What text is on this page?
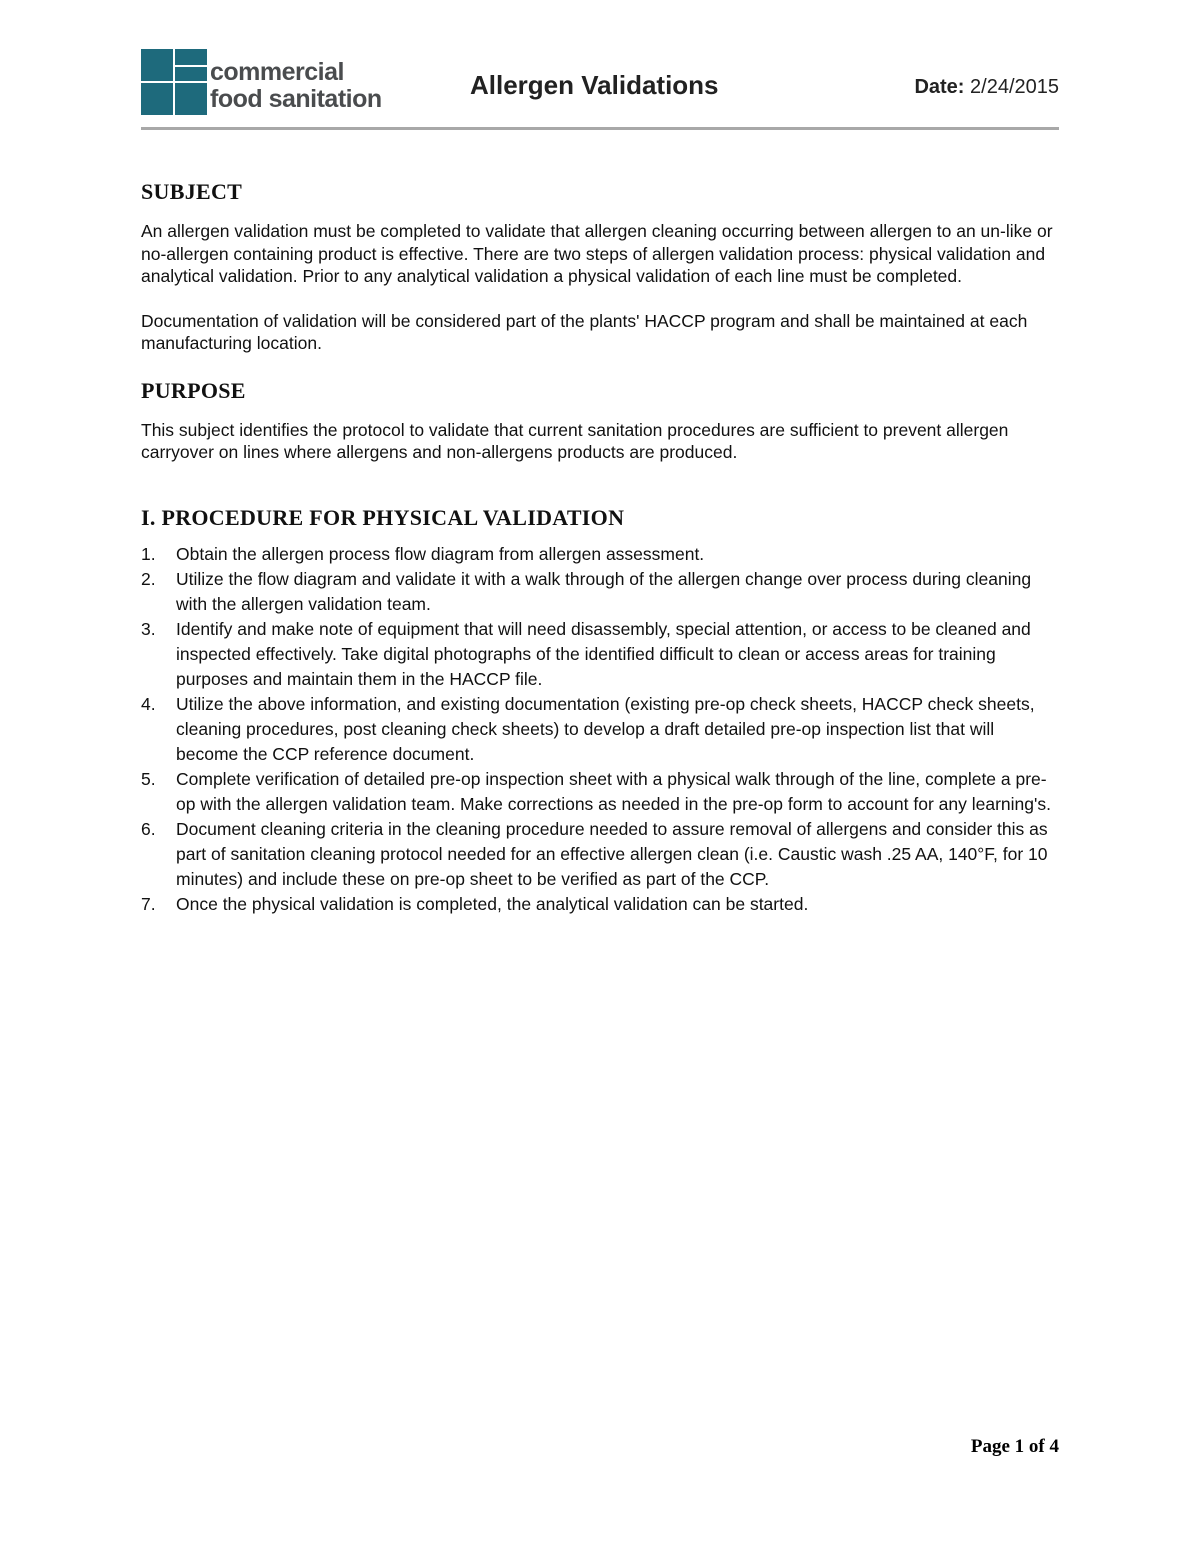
commercial
food sanitation	Allergen Validations	Date: 2/24/2015
SUBJECT

An allergen validation must be completed to validate that allergen cleaning occurring between allergen to an un-like or no-allergen containing product is effective. There are two steps of allergen validation process: physical validation and analytical validation. Prior to any analytical validation a physical validation of each line must be completed.

Documentation of validation will be considered part of the plants' HACCP program and shall be maintained at each manufacturing location.

PURPOSE

This subject identifies the protocol to validate that current sanitation procedures are sufficient to prevent allergen carryover on lines where allergens and non-allergens products are produced.

I. PROCEDURE FOR PHYSICAL VALIDATION
1. Obtain the allergen process flow diagram from allergen assessment.
2. Utilize the flow diagram and validate it with a walk through of the allergen change over process during cleaning with the allergen validation team.
3. Identify and make note of equipment that will need disassembly, special attention, or access to be cleaned and inspected effectively. Take digital photographs of the identified difficult to clean or access areas for training purposes and maintain them in the HACCP file.
4. Utilize the above information, and existing documentation (existing pre-op check sheets, HACCP check sheets, cleaning procedures, post cleaning check sheets) to develop a draft detailed pre-op inspection list that will become the CCP reference document.
5. Complete verification of detailed pre-op inspection sheet with a physical walk through of the line, complete a pre-op with the allergen validation team. Make corrections as needed in the pre-op form to account for any learning's.
6. Document cleaning criteria in the cleaning procedure needed to assure removal of allergens and consider this as part of sanitation cleaning protocol needed for an effective allergen clean (i.e. Caustic wash .25 AA, 140°F, for 10 minutes) and include these on pre-op sheet to be verified as part of the CCP.
7. Once the physical validation is completed, the analytical validation can be started.
Page 1 of 4
